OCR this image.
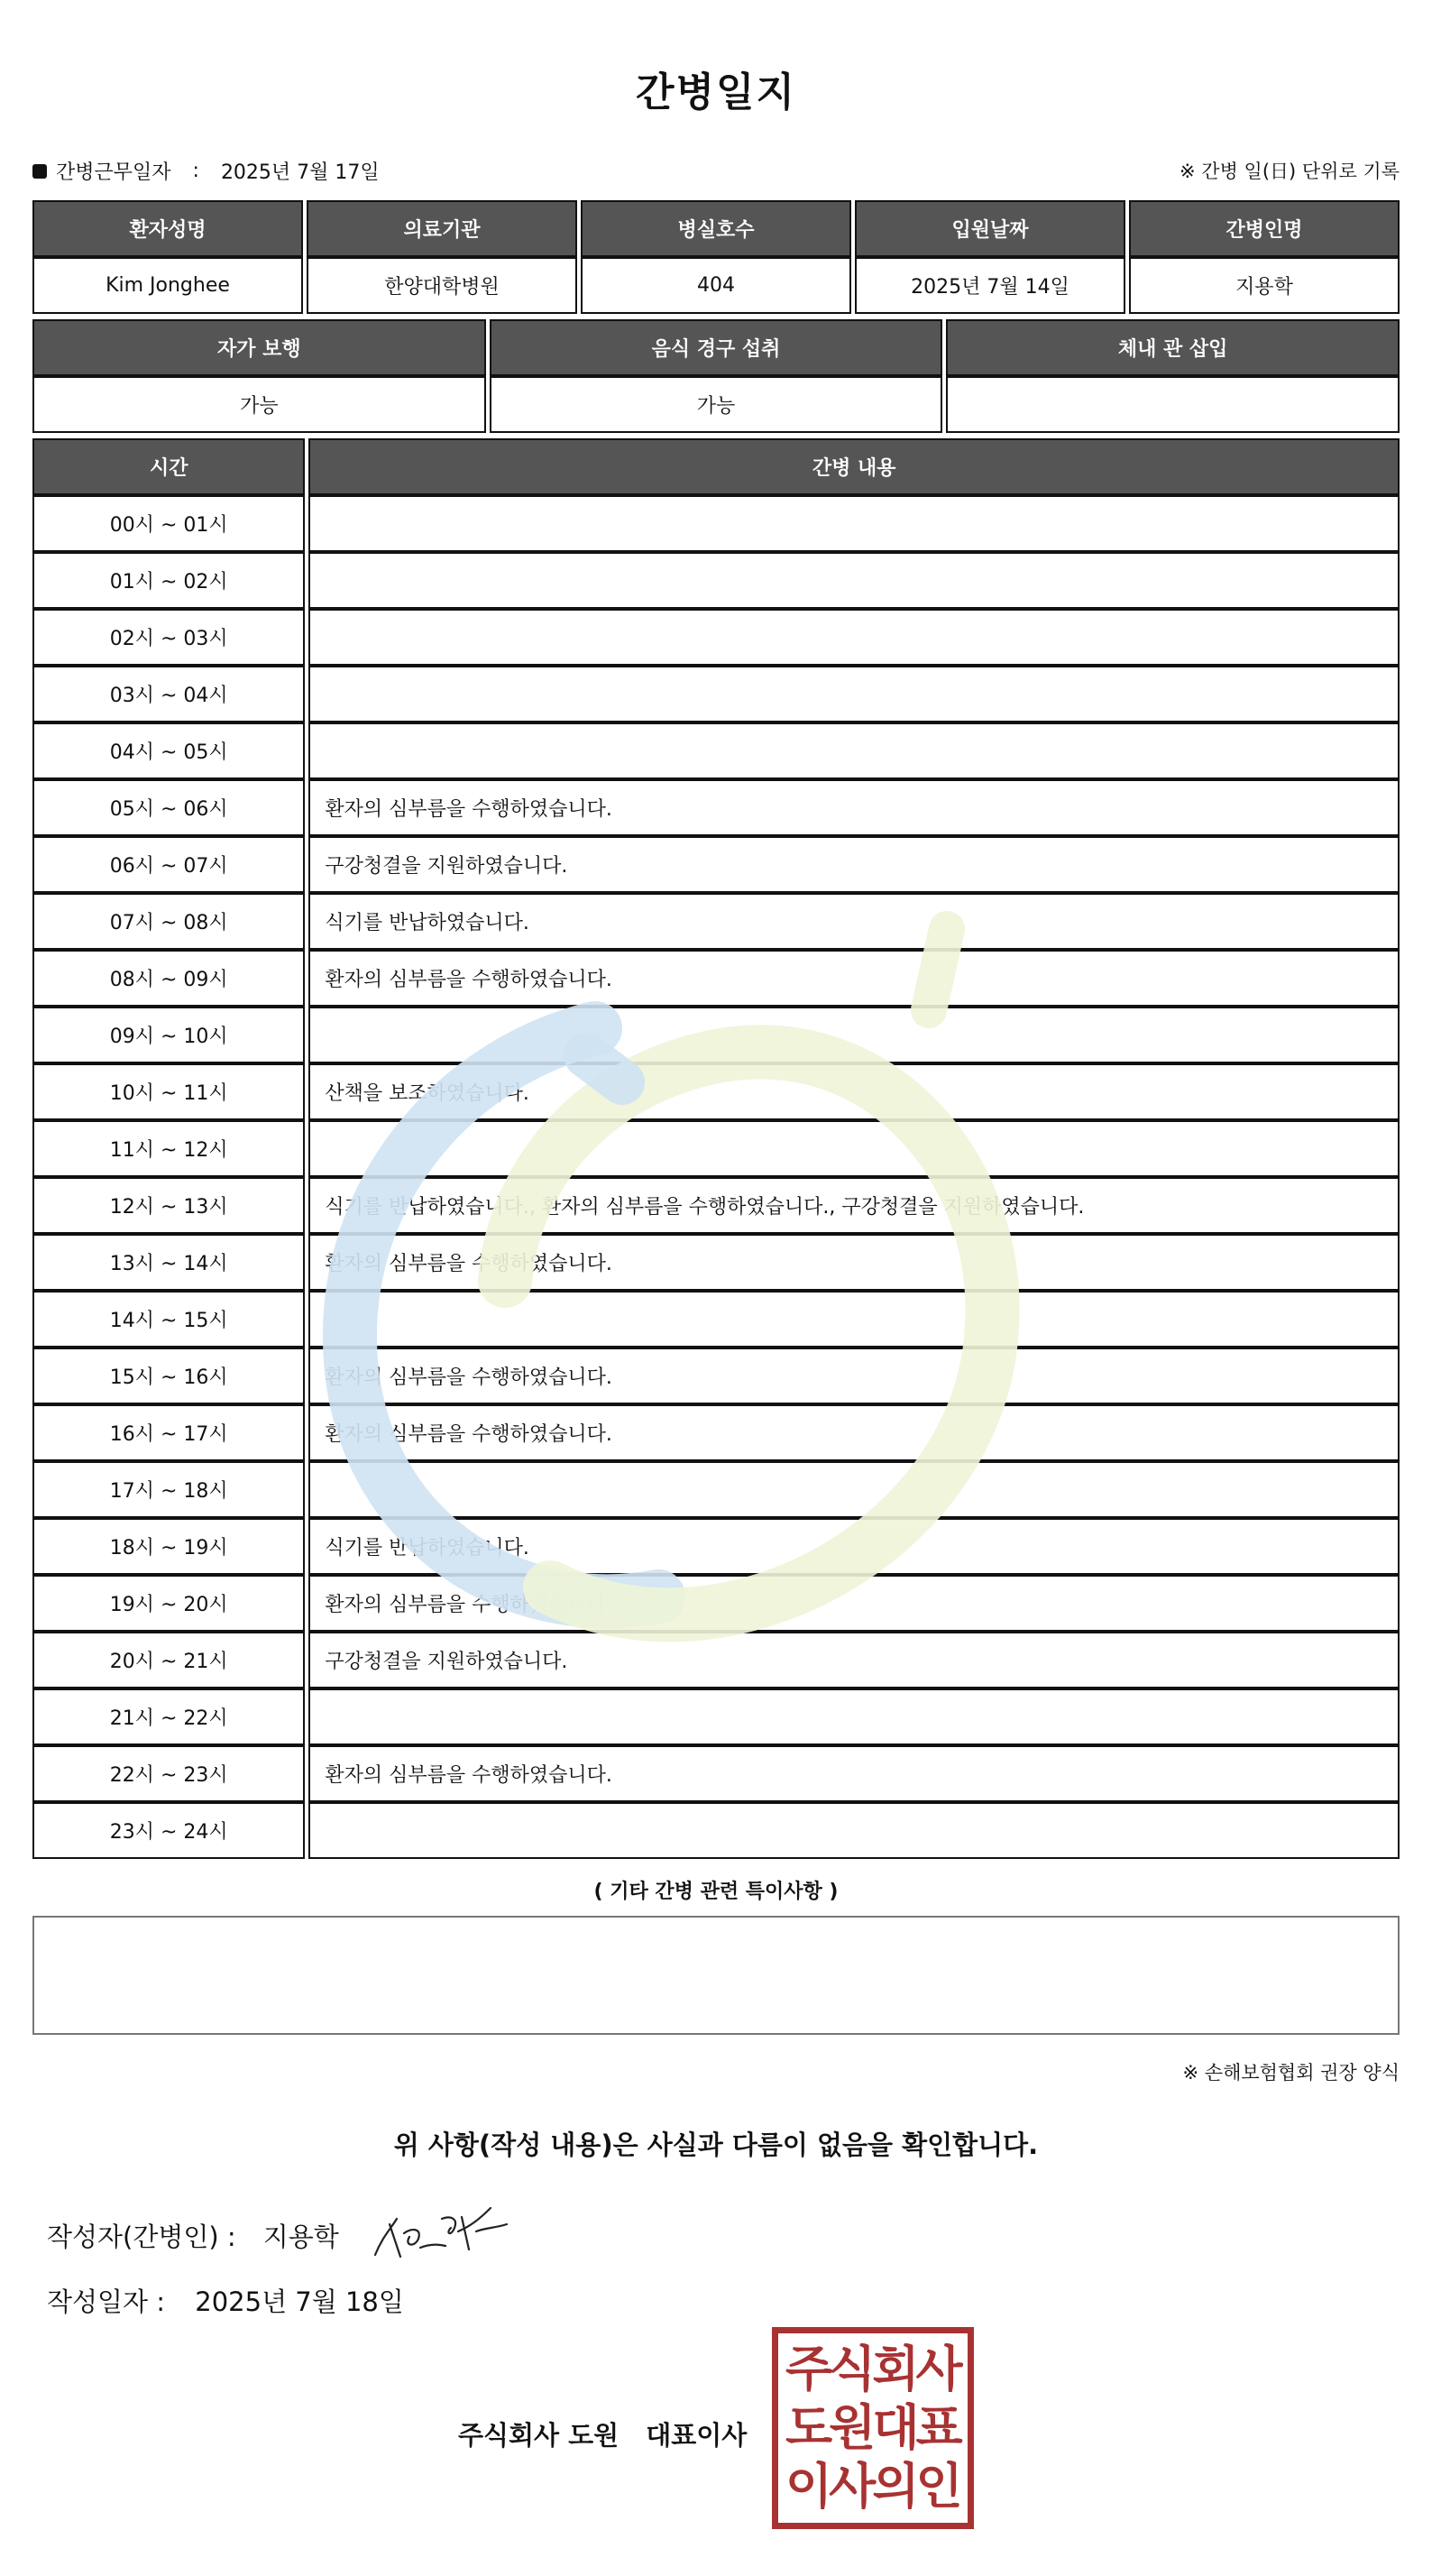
간병일지
간병근무일자 : 2025년 7월 17일	※ 간병 일(日) 단위로 기록
환자성명	의료기관	병실호수	입원날짜	간병인명
Kim Jonghee	한양대학병원	404	2025년 7월 14일	지용학
자가 보행	음식 경구 섭취	체내 관 삽입
가능	가능	
시간	간병 내용
00시 ~ 01시	
01시 ~ 02시	
02시 ~ 03시	
03시 ~ 04시	
04시 ~ 05시	
05시 ~ 06시	환자의 심부름을 수행하였습니다.
06시 ~ 07시	구강청결을 지원하였습니다.
07시 ~ 08시	식기를 반납하였습니다.
08시 ~ 09시	환자의 심부름을 수행하였습니다.
09시 ~ 10시	
10시 ~ 11시	산책을 보조하였습니다.
11시 ~ 12시	
12시 ~ 13시	식기를 반납하였습니다., 환자의 심부름을 수행하였습니다., 구강청결을 지원하였습니다.
13시 ~ 14시	환자의 심부름을 수행하였습니다.
14시 ~ 15시	
15시 ~ 16시	환자의 심부름을 수행하였습니다.
16시 ~ 17시	환자의 심부름을 수행하였습니다.
17시 ~ 18시	
18시 ~ 19시	식기를 반납하였습니다.
19시 ~ 20시	환자의 심부름을 수행하였습니다.
20시 ~ 21시	구강청결을 지원하였습니다.
21시 ~ 22시	
22시 ~ 23시	환자의 심부름을 수행하였습니다.
23시 ~ 24시	
( 기타 간병 관련 특이사항 )
※ 손해보험협회 권장 양식
위 사항(작성 내용)은 사실과 다름이 없음을 확인합니다.
작성자(간병인) : 지용학
작성일자 : 2025년 7월 18일
주식회사 도원 대표이사
주식회사
도원대표
이사의인
